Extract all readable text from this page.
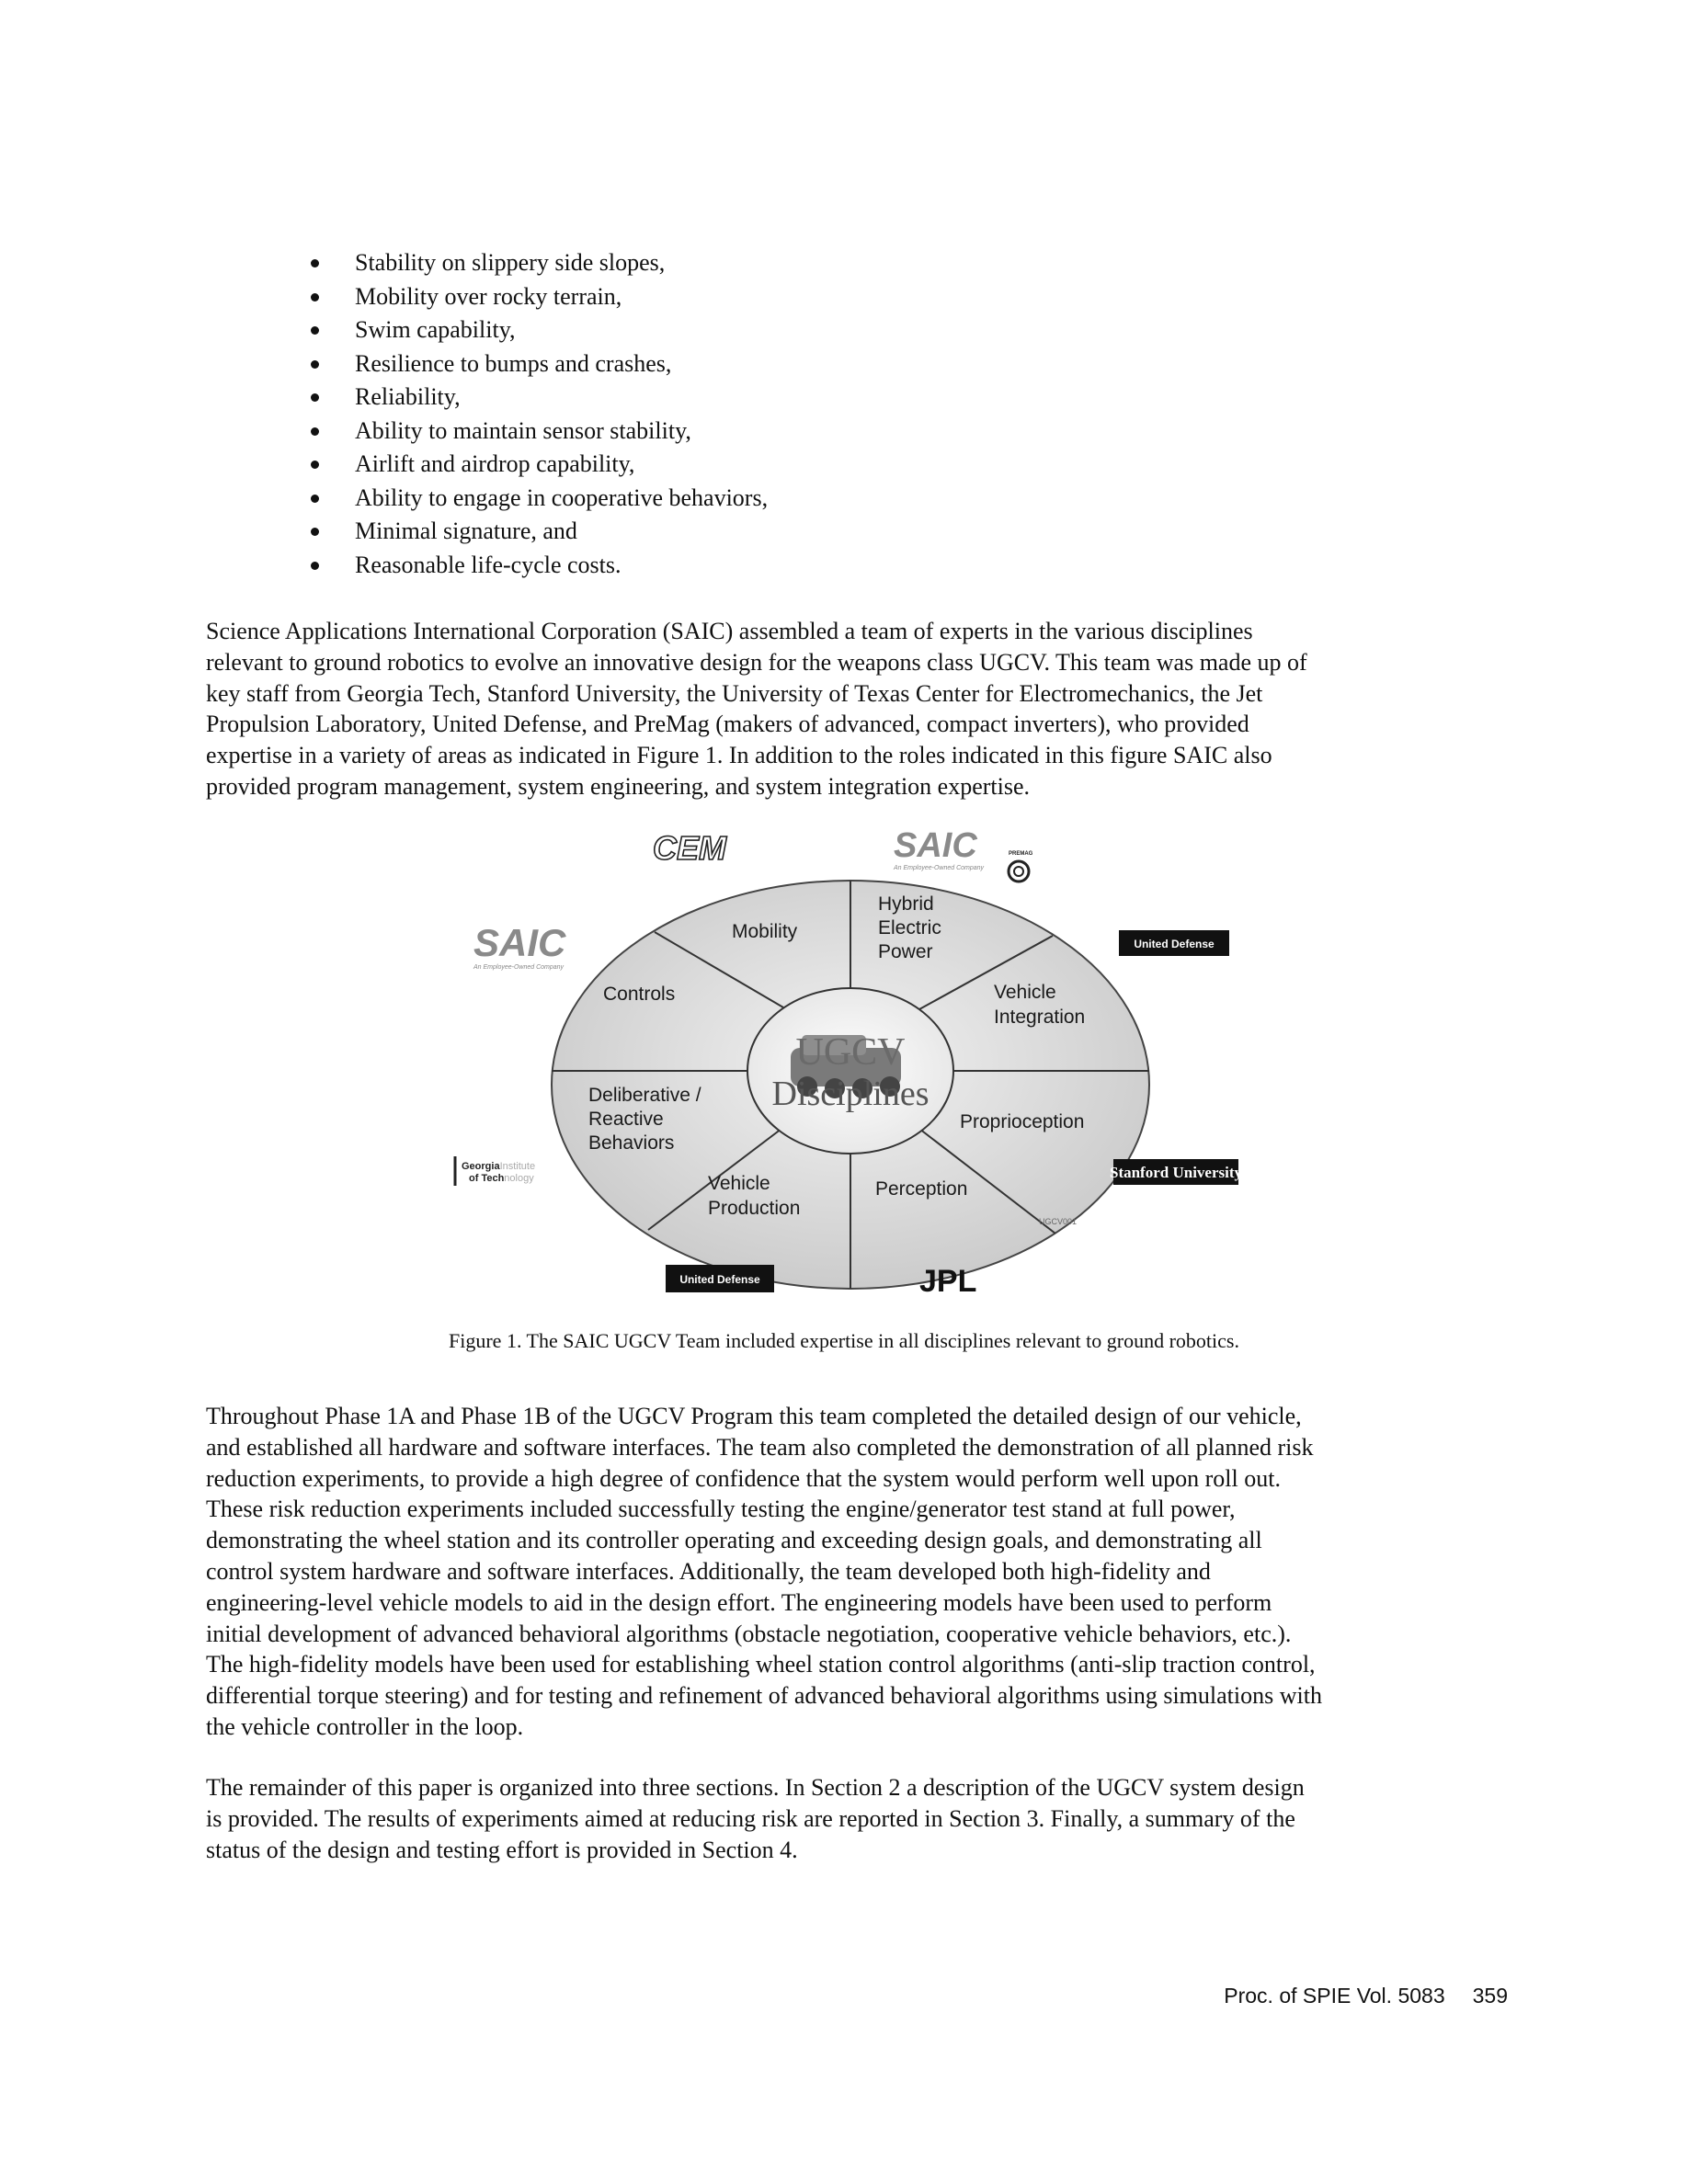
Stability on slippery side slopes,
Mobility over rocky terrain,
Swim capability,
Resilience to bumps and crashes,
Reliability,
Ability to maintain sensor stability,
Airlift and airdrop capability,
Ability to engage in cooperative behaviors,
Minimal signature, and
Reasonable life-cycle costs.

Science Applications International Corporation (SAIC) assembled a team of experts in the various disciplines
relevant to ground robotics to evolve an innovative design for the weapons class UGCV. This team was made up of
key staff from Georgia Tech, Stanford University, the University of Texas Center for Electromechanics, the Jet
Propulsion Laboratory, United Defense, and PreMag (makers of advanced, compact inverters), who provided
expertise in a variety of areas as indicated in Figure 1. In addition to the roles indicated in this figure SAIC also
provided program management, system engineering, and system integration expertise.

UGCV
Disciplines
Mobility
Hybrid
Electric
Power
Vehicle
Integration
Proprioception
Perception
Vehicle
Production
Deliberative /
Reactive
Behaviors
Controls
CEM	SAIC
An Employee-Owned Company
PREMAG
United Defense
SAIC
An Employee-Owned Company
GeorgiaInstitute
of Technology	Stanford University
UGCV001
United Defense	JPL
Figure 1. The SAIC UGCV Team included expertise in all disciplines relevant to ground robotics.

Throughout Phase 1A and Phase 1B of the UGCV Program this team completed the detailed design of our vehicle,
and established all hardware and software interfaces. The team also completed the demonstration of all planned risk
reduction experiments, to provide a high degree of confidence that the system would perform well upon roll out.
These risk reduction experiments included successfully testing the engine/generator test stand at full power,
demonstrating the wheel station and its controller operating and exceeding design goals, and demonstrating all
control system hardware and software interfaces. Additionally, the team developed both high-fidelity and
engineering-level vehicle models to aid in the design effort. The engineering models have been used to perform
initial development of advanced behavioral algorithms (obstacle negotiation, cooperative vehicle behaviors, etc.).
The high-fidelity models have been used for establishing wheel station control algorithms (anti-slip traction control,
differential torque steering) and for testing and refinement of advanced behavioral algorithms using simulations with
the vehicle controller in the loop.

The remainder of this paper is organized into three sections. In Section 2 a description of the UGCV system design
is provided. The results of experiments aimed at reducing risk are reported in Section 3. Finally, a summary of the
status of the design and testing effort is provided in Section 4.

Proc. of SPIE Vol. 5083 359
